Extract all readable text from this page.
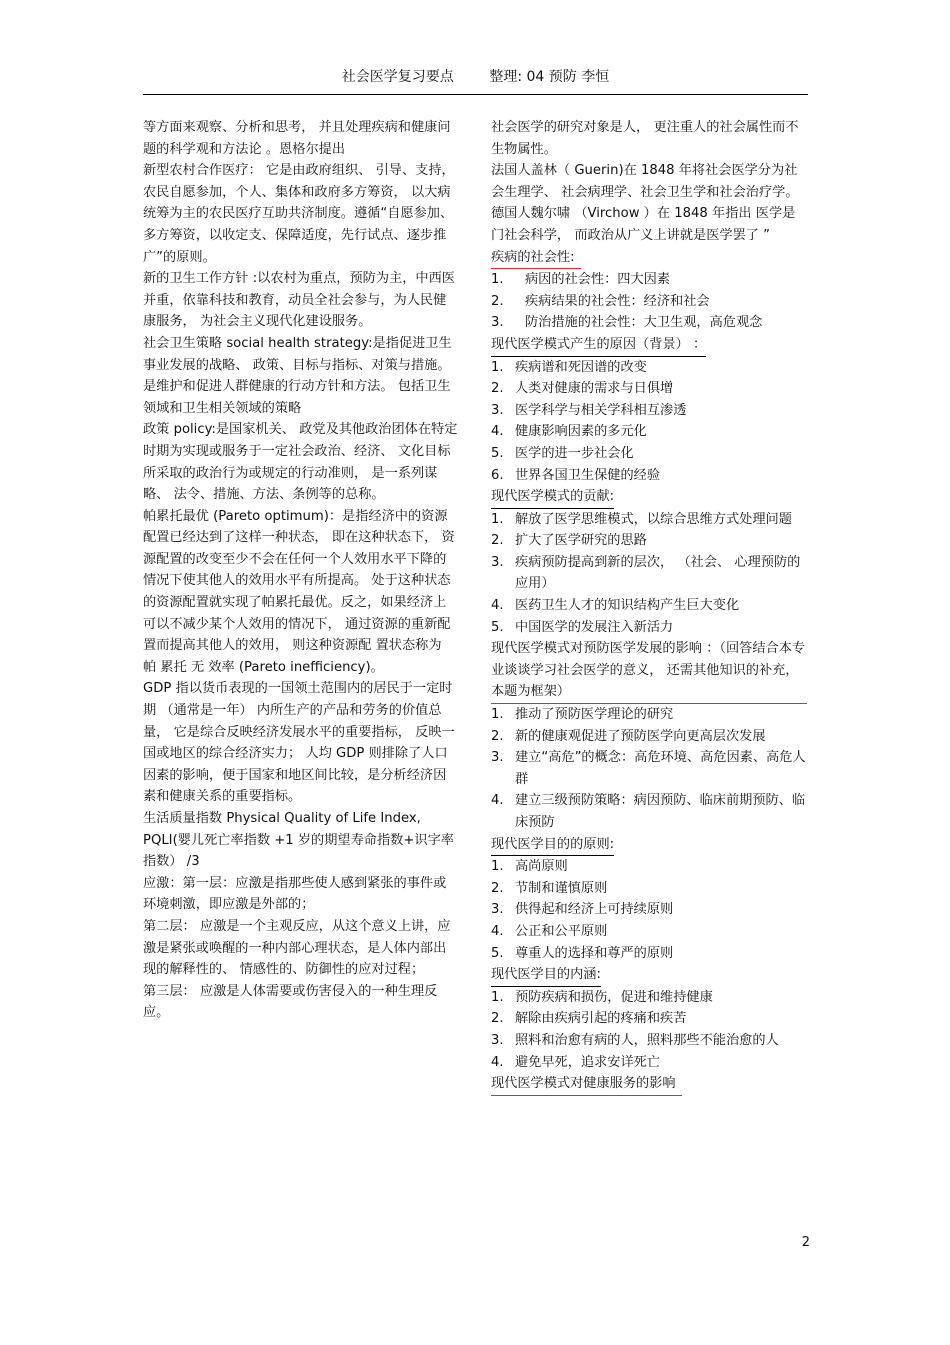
社会医学复习要点	整理: 04 预防 李恒

等方面来观察、分析和思考， 并且处理疾病和健康问题的科学观和方法论 。恩格尔提出

新型农村合作医疗： 它是由政府组织、 引导、支持，农民自愿参加，个人、集体和政府多方筹资， 以大病统筹为主的农民医疗互助共济制度。遵循“自愿参加、多方筹资，以收定支、保障适度，先行试点、逐步推广”的原则。

新的卫生工作方针 :以农村为重点，预防为主，中西医并重，依靠科技和教育，动员全社会参与，为人民健康服务， 为社会主义现代化建设服务。

社会卫生策略 social health strategy:是指促进卫生事业发展的战略、 政策、目标与指标、对策与措施。 是维护和促进人群健康的行动方针和方法。 包括卫生领域和卫生相关领域的策略

政策 policy:是国家机关、 政党及其他政治团体在特定时期为实现或服务于一定社会政治、经济、 文化目标所采取的政治行为或规定的行动准则， 是一系列谋略、 法令、措施、方法、条例等的总称。

帕累托最优 (Pareto optimum)：是指经济中的资源配置已经达到了这样一种状态， 即在这种状态下， 资源配置的改变至少不会在任何一个人效用水平下降的情况下使其他人的效用水平有所提高。 处于这种状态的资源配置就实现了帕累托最优。反之，如果经济上可以不减少某个人效用的情况下， 通过资源的重新配置而提高其他人的效用， 则这种资源配 置状态称为 帕 累托 无 效率 (Pareto inefficiency)。

GDP 指以货币表现的一国领土范围内的居民于一定时期 （通常是一年） 内所生产的产品和劳务的价值总量， 它是综合反映经济发展水平的重要指标， 反映一国或地区的综合经济实力； 人均 GDP 则排除了人口因素的影响，便于国家和地区间比较，是分析经济因素和健康关系的重要指标。

生活质量指数 Physical Quality of Life Index, PQLI(婴儿死亡率指数 +1 岁的期望寿命指数+识字率指数） /3

应激：第一层：应激是指那些使人感到紧张的事件或环境刺激，即应激是外部的；

第二层： 应激是一个主观反应，从这个意义上讲，应激是紧张或唤醒的一种内部心理状态，是人体内部出现的解释性的、 情感性的、防御性的应对过程；

第三层： 应激是人体需要或伤害侵入的一种生理反应。

社会医学的研究对象是人， 更注重人的社会属性而不生物属性。

法国人盖林（ Guerin)在 1848 年将社会医学分为社会生理学、 社会病理学、社会卫生学和社会治疗学。

德国人魏尔啸 （Virchow ）在 1848 年指出 医学是门社会科学， 而政治从广义上讲就是医学罢了 ”

疾病的社会性:
1.	病因的社会性：四大因素
2.	疾病结果的社会性：经济和社会
3.	防治措施的社会性：大卫生观，高危观念
现代医学模式产生的原因（背景） ：
1. 疾病谱和死因谱的改变
2. 人类对健康的需求与日俱增
3. 医学科学与相关学科相互渗透
4. 健康影响因素的多元化
5. 医学的进一步社会化
6. 世界各国卫生保健的经验
现代医学模式的贡献:
1. 解放了医学思维模式，以综合思维方式处理问题
2. 扩大了医学研究的思路
3. 疾病预防提高到新的层次， （社会、 心理预防的应用）
4. 医药卫生人才的知识结构产生巨大变化
5. 中国医学的发展注入新活力

现代医学模式对预防医学发展的影响 ：（回答结合本专业谈谈学习社会医学的意义， 还需其他知识的补充，本题为框架）

1. 推动了预防医学理论的研究
2. 新的健康观促进了预防医学向更高层次发展
3. 建立“高危”的概念：高危环境、高危因素、高危人群
4. 建立三级预防策略：病因预防、临床前期预防、临床预防
现代医学目的的原则:
1. 高尚原则
2. 节制和谨慎原则
3. 供得起和经济上可持续原则
4. 公正和公平原则
5. 尊重人的选择和尊严的原则
现代医学目的内涵:
1. 预防疾病和损伤，促进和维持健康
2. 解除由疾病引起的疼痛和疾苦
3. 照料和治愈有病的人，照料那些不能治愈的人
4. 避免早死，追求安详死亡
现代医学模式对健康服务的影响
2
